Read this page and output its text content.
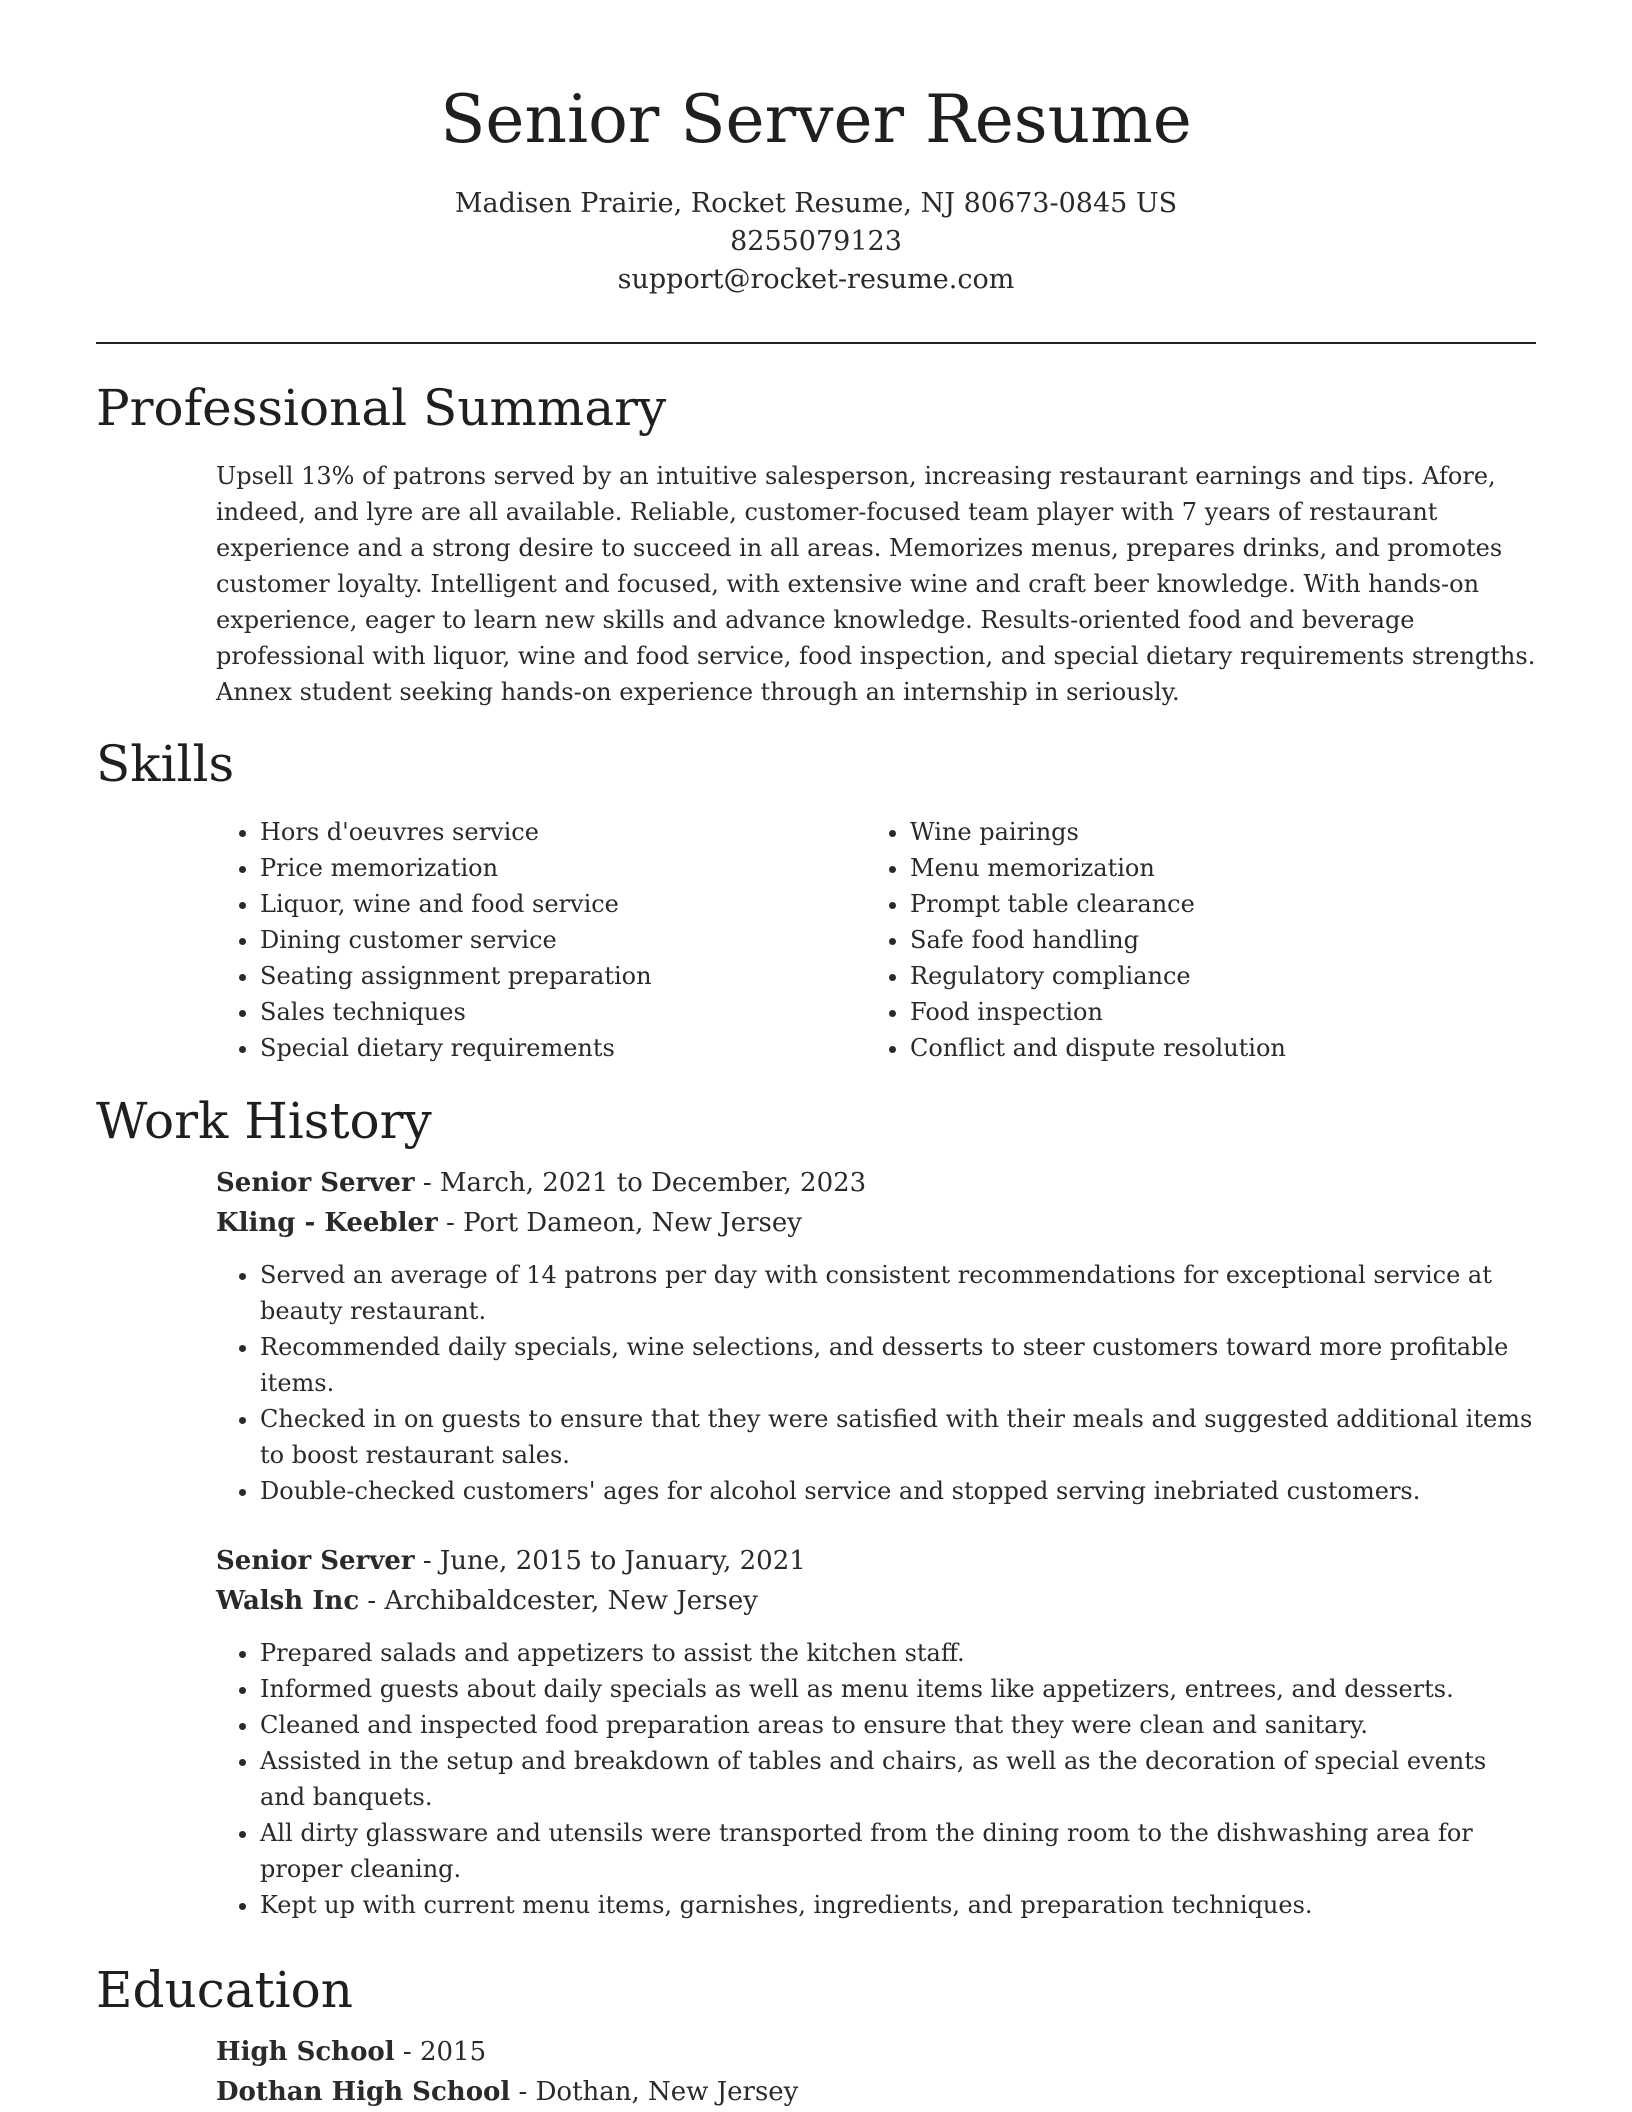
Senior Server Resume
Madisen Prairie, Rocket Resume, NJ 80673-0845 US
8255079123
support@rocket-resume.com
Professional Summary

Upsell 13% of patrons served by an intuitive salesperson, increasing restaurant earnings and tips. Afore, indeed, and lyre are all available. Reliable, customer-focused team player with 7 years of restaurant experience and a strong desire to succeed in all areas. Memorizes menus, prepares drinks, and promotes customer loyalty. Intelligent and focused, with extensive wine and craft beer knowledge. With hands-on experience, eager to learn new skills and advance knowledge. Results-oriented food and beverage professional with liquor, wine and food service, food inspection, and special dietary requirements strengths. Annex student seeking hands-on experience through an internship in seriously.

Skills
• Hors d'oeuvres service
• Price memorization
• Liquor, wine and food service
• Dining customer service
• Seating assignment preparation
• Sales techniques
• Special dietary requirements
• Wine pairings
• Menu memorization
• Prompt table clearance
• Safe food handling
• Regulatory compliance
• Food inspection
• Conflict and dispute resolution
Work History
Senior Server - March, 2021 to December, 2023
Kling - Keebler - Port Dameon, New Jersey
• Served an average of 14 patrons per day with consistent recommendations for exceptional service at beauty restaurant.
• Recommended daily specials, wine selections, and desserts to steer customers toward more profitable items.
• Checked in on guests to ensure that they were satisfied with their meals and suggested additional items to boost restaurant sales.
• Double-checked customers' ages for alcohol service and stopped serving inebriated customers.
Senior Server - June, 2015 to January, 2021
Walsh Inc - Archibaldcester, New Jersey
• Prepared salads and appetizers to assist the kitchen staff.
• Informed guests about daily specials as well as menu items like appetizers, entrees, and desserts.
• Cleaned and inspected food preparation areas to ensure that they were clean and sanitary.
• Assisted in the setup and breakdown of tables and chairs, as well as the decoration of special events and banquets.
• All dirty glassware and utensils were transported from the dining room to the dishwashing area for proper cleaning.
• Kept up with current menu items, garnishes, ingredients, and preparation techniques.
Education
High School - 2015
Dothan High School - Dothan, New Jersey
